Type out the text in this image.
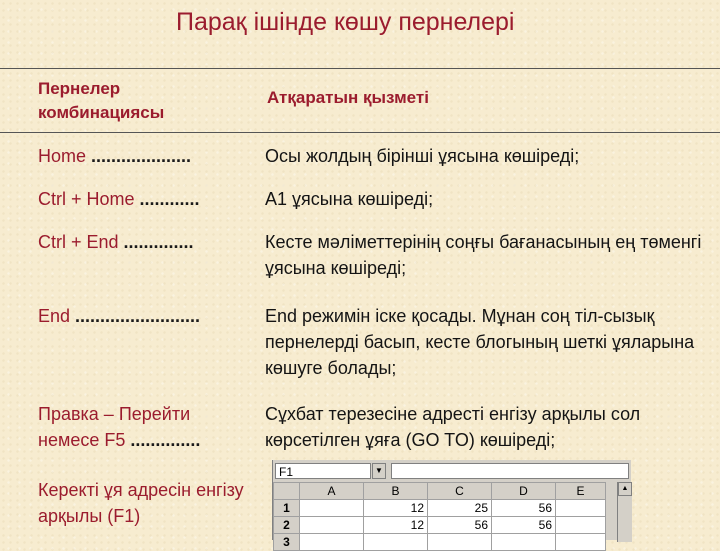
Парақ ішінде көшу пернелері
Пернелер комбинациясы
Атқаратын қызметі
Home ....................	Осы жолдың бірінші ұясына көшіреді;
Ctrl + Home ............	A1 ұясына көшіреді;
Ctrl + End ..............	Кесте мәліметтерінің соңғы бағанасының ең төменгі ұясына көшіреді;
End .........................	End режимін іске қосады. Мұнан соң тіл-сызық пернелерді басып, кесте блогының шеткі ұяларына көшуге болады;
Правка – Перейти немесе F5 ..............
Сұхбат терезесіне адресті енгізу арқылы сол көрсетілген ұяға (GO TO) көшіреді;
Керекті ұя адресін енгізу арқылы (F1)
F1	▼
	A	B	C	D	E
1		12	25	56	
2		12	56	56	
3					
▲
